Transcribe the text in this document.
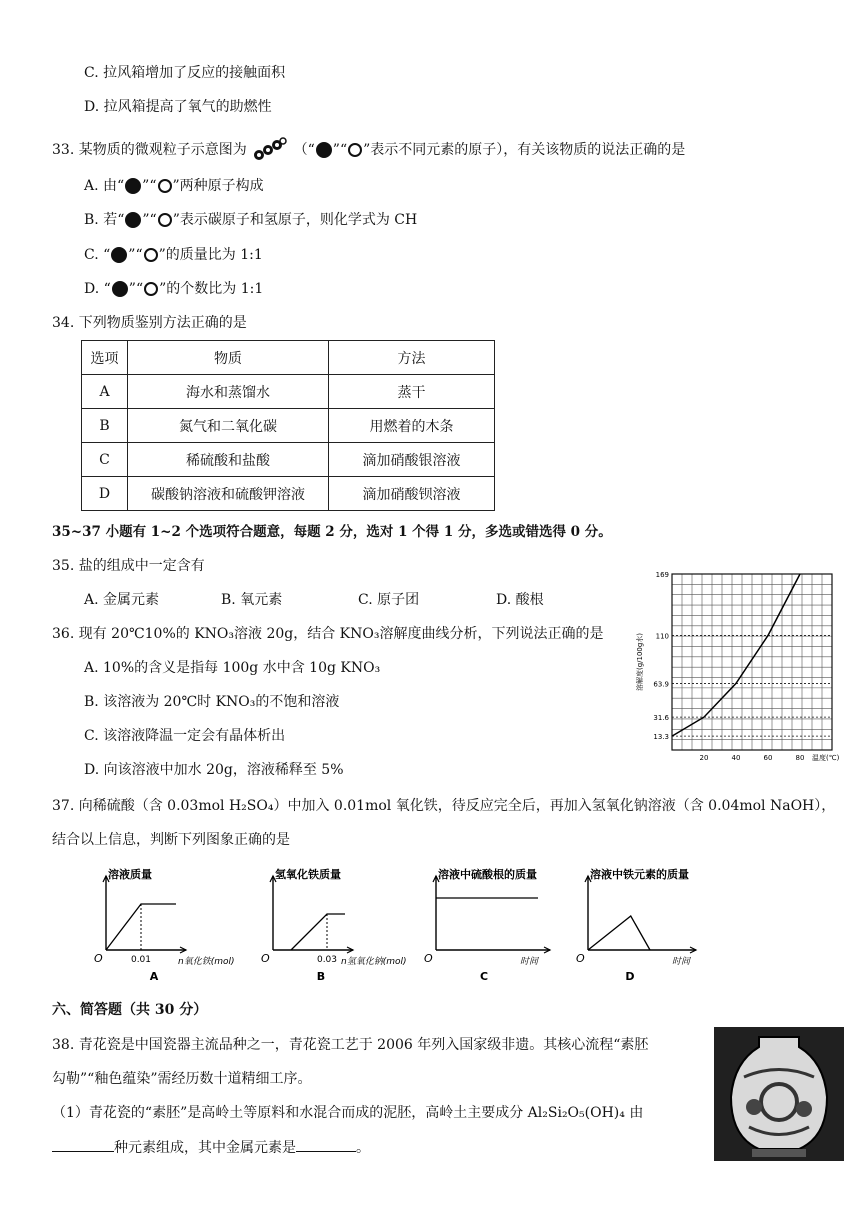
C. 拉风箱增加了反应的接触面积
D. 拉风箱提高了氧气的助燃性
33. 某物质的微观粒子示意图为	（“ ”“ ”表示不同元素的原子），有关该物质的说法正确的是
A. 由“ ”“ ”两种原子构成
B. 若“ ”“ ”表示碳原子和氢原子，则化学式为 CH
C. “ ”“ ”的质量比为 1:1
D. “ ”“ ”的个数比为 1:1
34. 下列物质鉴别方法正确的是
选项	物质	方法
A	海水和蒸馏水	蒸干
B	氮气和二氧化碳	用燃着的木条
C	稀硫酸和盐酸	滴加硝酸银溶液
D	碳酸钠溶液和硫酸钾溶液	滴加硝酸钡溶液
35~37 小题有 1~2 个选项符合题意，每题 2 分，选对 1 个得 1 分，多选或错选得 0 分。
35. 盐的组成中一定含有
A. 金属元素	B. 氧元素	C. 原子团	D. 酸根
36. 现有 20℃10%的 KNO₃溶液 20g，结合 KNO₃溶解度曲线分析，下列说法正确的是
A. 10%的含义是指每 100g 水中含 10g KNO₃
B. 该溶液为 20℃时 KNO₃的不饱和溶液
C. 该溶液降温一定会有晶体析出
D. 向该溶液中加水 20g，溶液稀释至 5%
13.3
31.6
63.9
110
169
20	40	60	80 温度(℃)
溶解度(g/100g水)
37. 向稀硫酸（含 0.03mol H₂SO₄）中加入 0.01mol 氧化铁，待反应完全后，再加入氢氧化钠溶液（含 0.04mol NaOH），
结合以上信息，判断下列图象正确的是
溶液质量
O	n氧化铁(mol)
A
0.01
氢氧化铁质量
O	n氢氧化钠(mol)
B
0.03
溶液中硫酸根的质量
O	时间
C
溶液中铁元素的质量
O	时间
D
六、简答题（共 30 分）
38. 青花瓷是中国瓷器主流品种之一，青花瓷工艺于 2006 年列入国家级非遗。其核心流程“素胚
勾勒”“釉色蕴染”需经历数十道精细工序。
（1）青花瓷的“素胚”是高岭土等原料和水混合而成的泥胚，高岭土主要成分 Al₂Si₂O₅(OH)₄ 由
种元素组成，其中金属元素是	。
